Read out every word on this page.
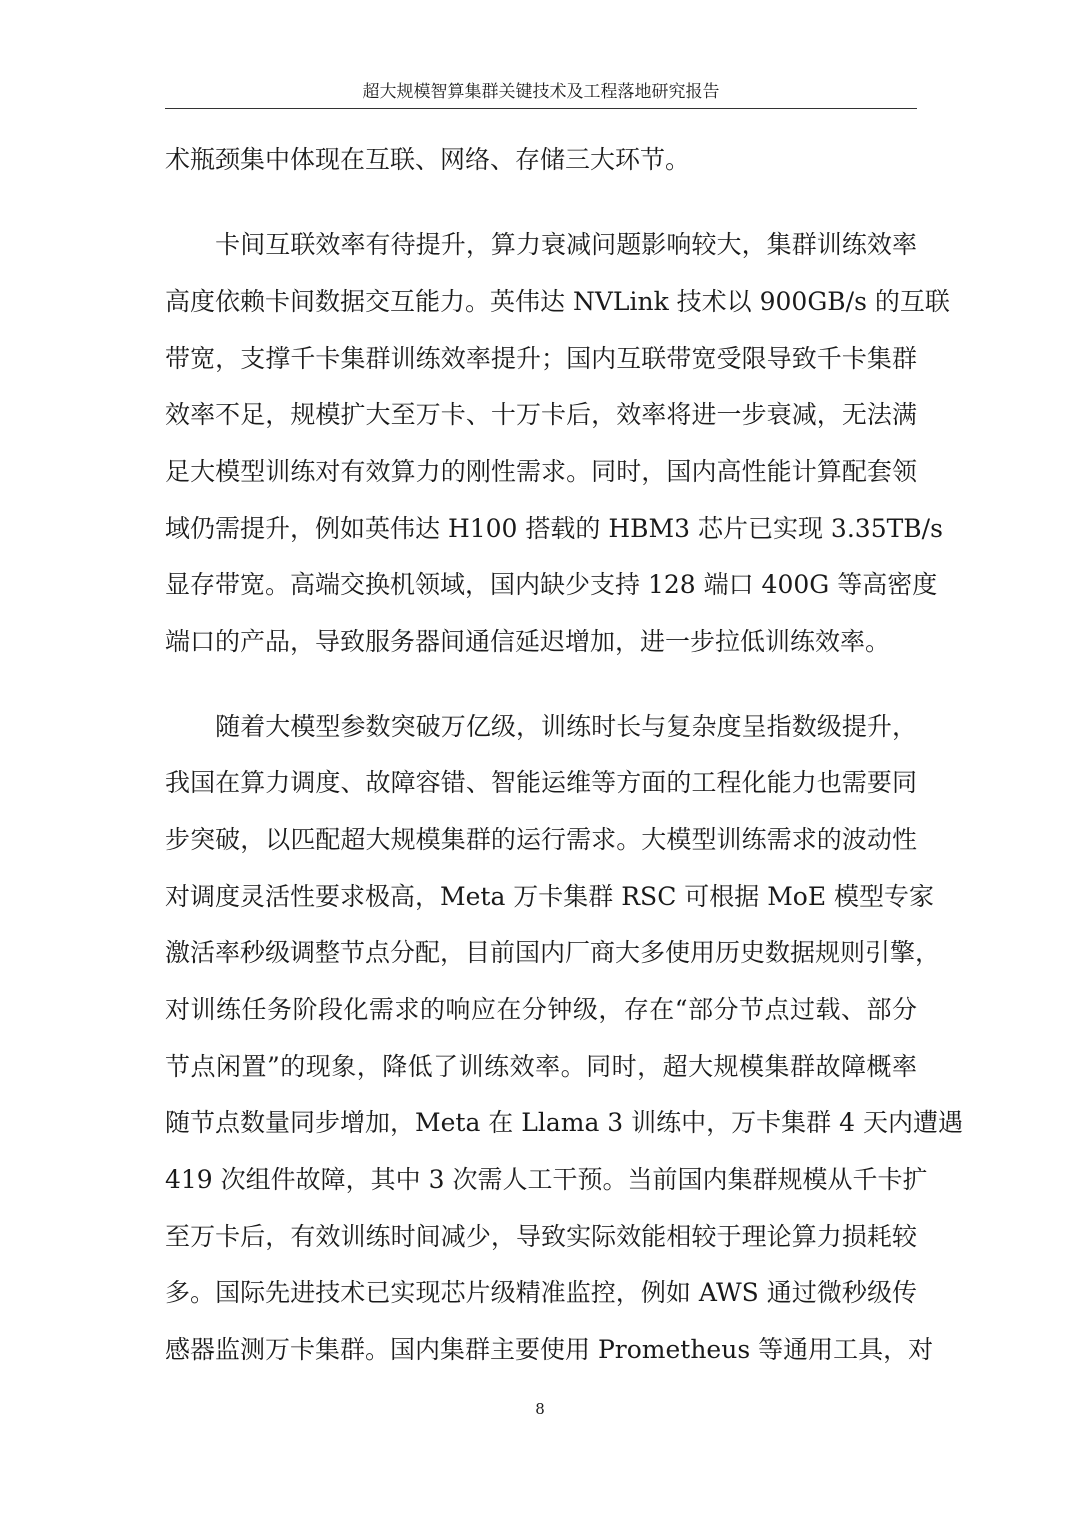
超大规模智算集群关键技术及工程落地研究报告
术瓶颈集中体现在互联、网络、存储三大环节。
　　卡间互联效率有待提升，算力衰减问题影响较大，集群训练效率
高度依赖卡间数据交互能力。英伟达 NVLink 技术以 900GB/s 的互联
带宽，支撑千卡集群训练效率提升；国内互联带宽受限导致千卡集群
效率不足，规模扩大至万卡、十万卡后，效率将进一步衰减，无法满
足大模型训练对有效算力的刚性需求。同时，国内高性能计算配套领
域仍需提升，例如英伟达 H100 搭载的 HBM3 芯片已实现 3.35TB/s
显存带宽。高端交换机领域，国内缺少支持 128 端口 400G 等高密度
端口的产品，导致服务器间通信延迟增加，进一步拉低训练效率。
　　随着大模型参数突破万亿级，训练时长与复杂度呈指数级提升，
我国在算力调度、故障容错、智能运维等方面的工程化能力也需要同
步突破，以匹配超大规模集群的运行需求。大模型训练需求的波动性
对调度灵活性要求极高，Meta 万卡集群 RSC 可根据 MoE 模型专家
激活率秒级调整节点分配，目前国内厂商大多使用历史数据规则引擎，
对训练任务阶段化需求的响应在分钟级，存在“部分节点过载、部分
节点闲置”的现象，降低了训练效率。同时，超大规模集群故障概率
随节点数量同步增加，Meta 在 Llama 3 训练中，万卡集群 4 天内遭遇
419 次组件故障，其中 3 次需人工干预。当前国内集群规模从千卡扩
至万卡后，有效训练时间减少，导致实际效能相较于理论算力损耗较
多。国际先进技术已实现芯片级精准监控，例如 AWS 通过微秒级传
感器监测万卡集群。国内集群主要使用 Prometheus 等通用工具，对
8
